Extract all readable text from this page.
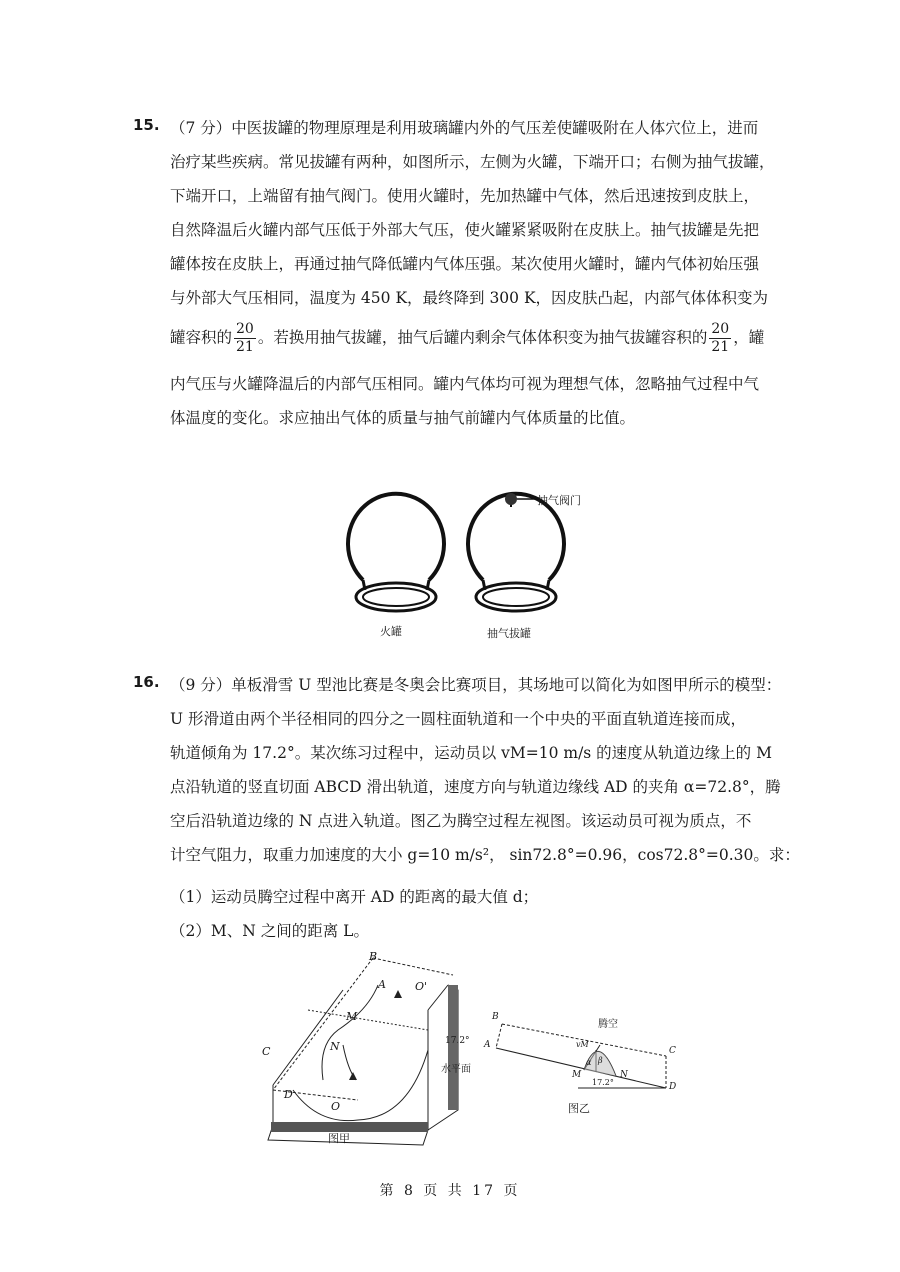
15. （7 分）中医拔罐的物理原理是利用玻璃罐内外的气压差使罐吸附在人体穴位上，进而
治疗某些疾病。常见拔罐有两种，如图所示，左侧为火罐，下端开口；右侧为抽气拔罐，
下端开口，上端留有抽气阀门。使用火罐时，先加热罐中气体，然后迅速按到皮肤上，
自然降温后火罐内部气压低于外部大气压，使火罐紧紧吸附在皮肤上。抽气拔罐是先把
罐体按在皮肤上，再通过抽气降低罐内气体压强。某次使用火罐时，罐内气体初始压强
与外部大气压相同，温度为 450 K，最终降到 300 K，因皮肤凸起，内部气体体积变为
罐容积的 $\frac{20}{21}$ 。若换用抽气拔罐，抽气后罐内剩余气体体积变为抽气拔罐容积的 $\frac{20}{21}$ ，罐
内气压与火罐降温后的内部气压相同。罐内气体均可视为理想气体，忽略抽气过程中气
体温度的变化。求应抽出气体的质量与抽气前罐内气体质量的比值。
抽气阀门
火罐	抽气拔罐
16. （9 分）单板滑雪 U 型池比赛是冬奥会比赛项目，其场地可以简化为如图甲所示的模型：
U 形滑道由两个半径相同的四分之一圆柱面轨道和一个中央的平面直轨道连接而成，
轨道倾角为 17.2°。某次练习过程中，运动员以 vM=10 m/s 的速度从轨道边缘上的 M
点沿轨道的竖直切面 ABCD 滑出轨道，速度方向与轨道边缘线 AD 的夹角 α=72.8°，腾
空后沿轨道边缘的 N 点进入轨道。图乙为腾空过程左视图。该运动员可视为质点，不
计空气阻力，取重力加速度的大小 g=10 m/s²， sin72.8°=0.96，cos72.8°=0.30。求：
（1）运动员腾空过程中离开 AD 的距离的最大值 d；
（2）M、N 之间的距离 L。
B
A	O'
M
N
C
D
O
17.2°
水平面
图甲
B
A
腾空
vM
α β
M	N
17.2°
C
D
图乙
第 8 页 共 17 页
